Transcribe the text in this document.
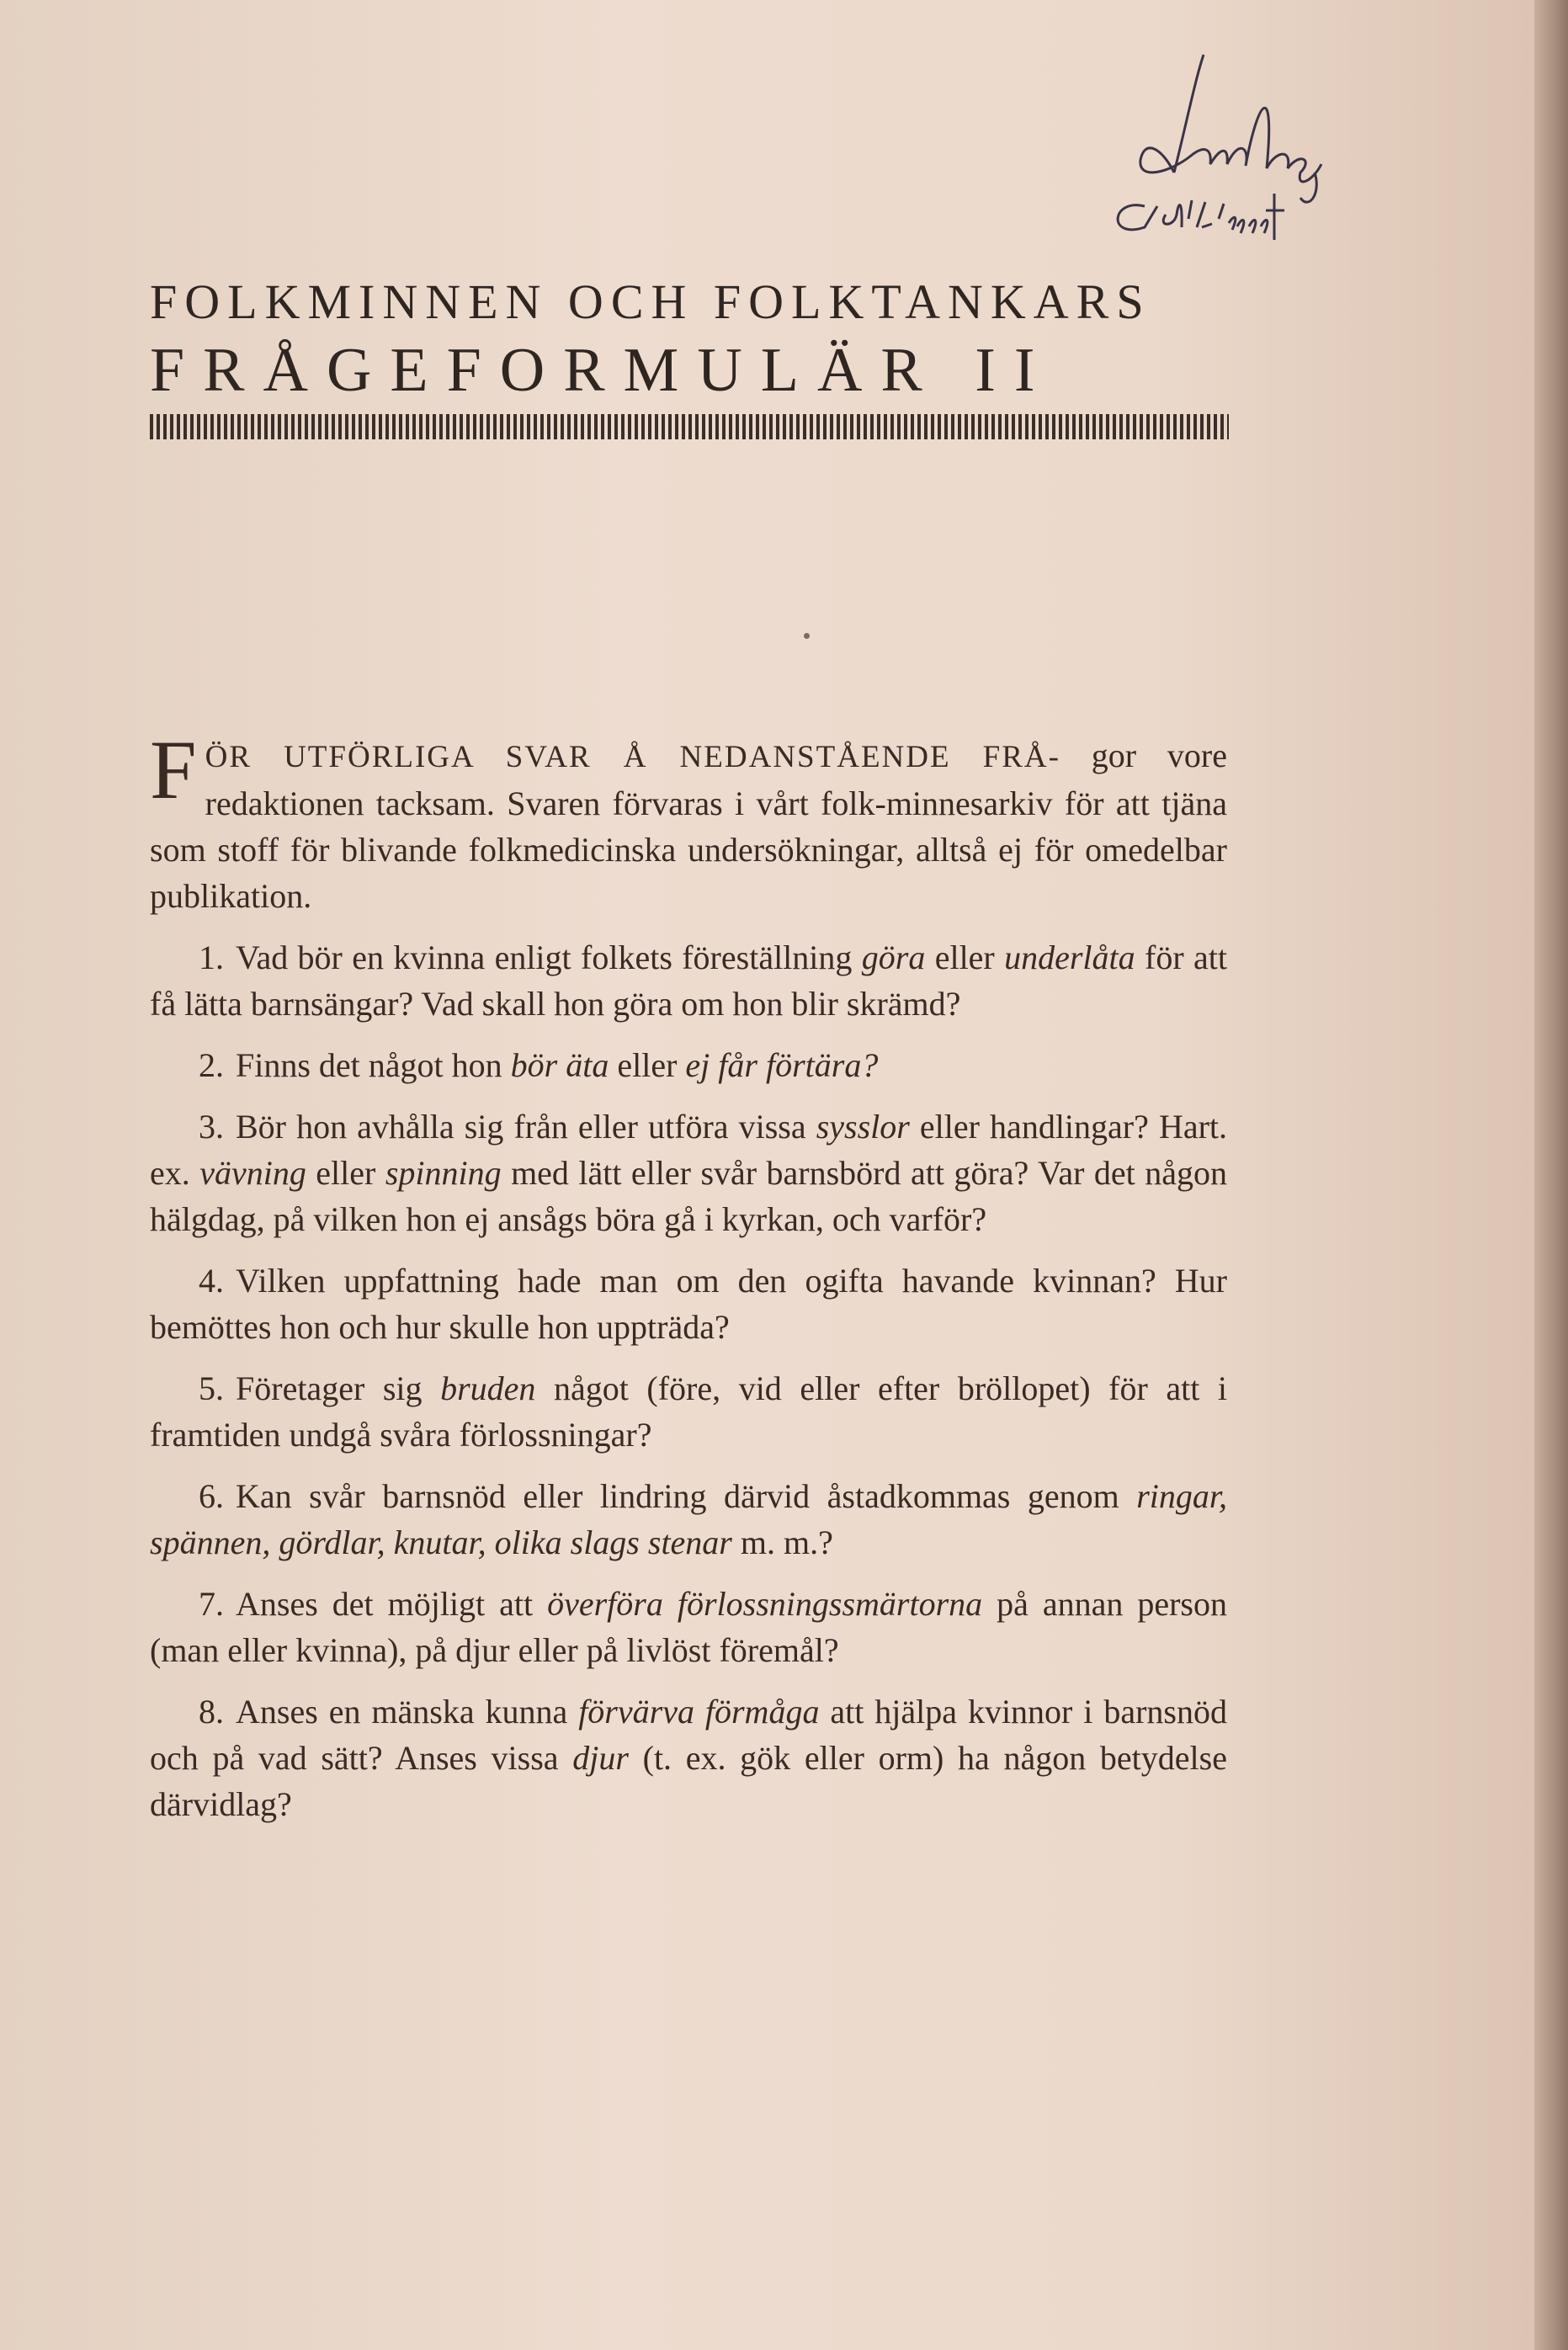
FOLKMINNEN OCH FOLKTANKARS
FRÅGEFORMULÄR II
F ÖR UTFÖRLIGA SVAR Å NEDANSTÅENDE FRÅ- gor vore redaktionen tacksam. Svaren förvaras i vårt folk-minnesarkiv för att tjäna som stoff för blivande folkmedicinska undersökningar, alltså ej för omedelbar publikation.

1. Vad bör en kvinna enligt folkets föreställning göra eller underlåta för att få lätta barnsängar? Vad skall hon göra om hon blir skrämd?

2. Finns det något hon bör äta eller ej får förtära?

3. Bör hon avhålla sig från eller utföra vissa sysslor eller handlingar? Hart. ex. vävning eller spinning med lätt eller svår barnsbörd att göra? Var det någon hälgdag, på vilken hon ej ansågs böra gå i kyrkan, och varför?

4. Vilken uppfattning hade man om den ogifta havande kvinnan? Hur bemöttes hon och hur skulle hon uppträda?

5. Företager sig bruden något (före, vid eller efter bröllopet) för att i framtiden undgå svåra förlossningar?

6. Kan svår barnsnöd eller lindring därvid åstadkommas genom ringar, spännen, gördlar, knutar, olika slags stenar m. m.?

7. Anses det möjligt att överföra förlossningssmärtorna på annan person (man eller kvinna), på djur eller på livlöst föremål?

8. Anses en mänska kunna förvärva förmåga att hjälpa kvinnor i barnsnöd och på vad sätt? Anses vissa djur (t. ex. gök eller orm) ha någon betydelse därvidlag?
